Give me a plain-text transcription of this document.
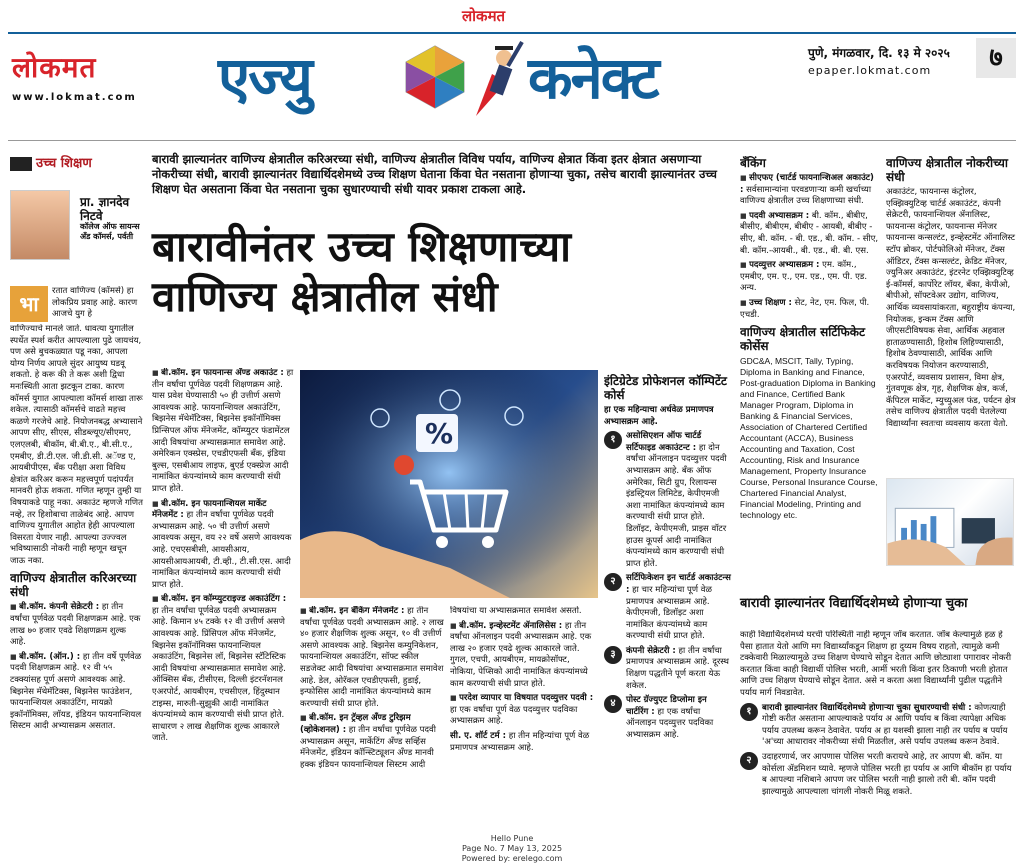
लोकमत
लोकमत
www.lokmat.com एज्यु	कनेक्ट	पुणे, मंगळवार, दि. १३ मे २०२५
epaper.lokmat.com	७
उच्च शिक्षण
प्रा. ज्ञानदेव
निटवे
कॉलेज ऑफ सायन्स अँड कॉमर्स, पर्वती
भा

रतात वाणिज्य (कॉमर्स) हा लोकप्रिय प्रवाह आहे. कारण आजचे युग हे

वाणिज्याचे मानले जाते. धावत्या युगातील स्पर्धेत स्पर्श करीत आपल्याला पुढे जायचंय, पण असे बुचकळ्यात पडू नका, आपला योग्य निर्णय आपले सुंदर आयुष्य घडवू शकतो. हे करू की ते करू अशी द्विधा मनःस्थिती आता झटकून टाका. कारण कॉमर्स युगात आपल्याला कॉमर्स शाखा तारू शकेल. त्यासाठी कॉमर्सचे वाढते महत्त्व कळणे गरजेचे आहे. नियोजनबद्ध अभ्यासाने आपण सीए, सीएस, सीडब्ल्यूए/सीएमए, एलएलबी, बीकॉम, बी.बी.ए., बी.सी.ए., एमबीए, डी.टी.एल. जी.डी.सी. अॅण्ड ए, आयबीपीएस, बँक परीक्षा अशा विविध क्षेत्रांत करिअर करून महत्त्वपूर्ण पदांपर्यंत मानवरी होऊ शकता. गणित म्हणून तुम्ही या विषयाकडे पाहू नका. अकाउंट म्हणजे गणित नव्हे, तर हिशोबाचा ताळेबंद आहे. आपण वाणिज्य युगातील आहोत हेही आपल्याला विसरता येणार नाही. आपल्या उज्ज्वल भविष्यासाठी नोकरी नाही म्हणून खचून जाऊ नका.

वाणिज्य क्षेत्रातील करिअरच्या संधी

■ बी.कॉम. कंपनी सेक्रेटरी : हा तीन वर्षांचा पूर्णवेळ पदवी शिक्षणक्रम आहे. एक लाख ७० हजार एवढे शिक्षणक्रम शुल्क आहे.

■ बी.कॉम. (ऑन.) : हा तीन वर्षे पूर्णवेळ पदवी शिक्षणक्रम आहे. १२ वी ५५ टक्क्यांसह पूर्ण असणे आवश्यक आहे. बिझनेस मॅथेमॅटिक्स, बिझनेस फाउंडेशन, फायनान्शियल अकाउंटिंग, मायक्रो इकॉनॉमिक्स, लॉयड, इंडियन फायनान्शियल सिस्टम आदी अभ्यासक्रम असतात.

बारावी झाल्यानंतर वाणिज्य क्षेत्रातील करिअरच्या संधी, वाणिज्य क्षेत्रातील विविध पर्याय, वाणिज्य क्षेत्रात किंवा इतर क्षेत्रात असणाऱ्या नोकरीच्या संधी, बारावी झाल्यानंतर विद्यार्थिदशेमध्ये उच्च शिक्षण घेताना किंवा घेत नसताना होणाऱ्या चुका, तसेच बारावी झाल्यानंतर उच्च शिक्षण घेत असताना किंवा घेत नसताना चुका सुधारण्याची संधी यावर प्रकाश टाकला आहे.
बारावीनंतर उच्च शिक्षणाच्या
वाणिज्य क्षेत्रातील संधी

■ बी.कॉम. इन फायनान्स अँण्ड अकाउंट : हा तीन वर्षांचा पूर्णवेळ पदवी शिक्षणक्रम आहे. यास प्रवेश घेण्यासाठी ५० ही उत्तीर्ण असणे आवश्यक आहे. फायनान्शियल अकाउंटिंग, बिझनेस मॅथेमॅटिक्स, बिझनेस इकॉनॉमिक्स प्रिन्सिपल ऑफ मॅनेजमेंट, कॉम्प्युटर फंडामेंटल आदी विषयांचा अभ्यासक्रमात समावेश आहे. अमेरिकन एक्स्प्रेस, एचडीएफसी बँक, इंडिया बुल्स, एसबीआय लाइफ, बुएर्ड एक्स्प्रेज आदी नामांकित कंपन्यांमध्ये काम करण्याची संधी प्राप्त होते.

■ बी.कॉम. इन फायनान्शियल मार्केट मॅनेजमेंट : हा तीन वर्षांचा पूर्णवेळ पदवी अभ्यासक्रम आहे. ५० ची उत्तीर्ण असणे आवश्यक असून, वय २२ वर्षे असणे आवश्यक आहे. एचएसबीसी, आयसीआय, आयसीआयआयबी, टी.व्ही., टी.सी.एस. आदी नामांकित कंपन्यांमध्ये काम करण्याची संधी प्राप्त होते.

■ बी.कॉम. इन कॉम्प्युटराइज्ड अकाउंटिंग : हा तीन वर्षांचा पूर्णवेळ पदवी अभ्यासक्रम आहे. किमान ४५ टक्के १२ वी उत्तीर्ण असणे आवश्यक आहे. प्रिंसिपल ऑफ मॅनेजमेंट, बिझनेस इकॉनॉमिक्स फायनान्शियल अकाउंटिंग, बिझनेस लॉ, बिझनेस स्टॅटिस्टिक आदी विषयांचा अभ्यासक्रमात समावेश आहे. ऑक्सिस बँक, टीसीएस, दिल्ली इंटरनॅशनल एअरपोर्ट, आयबीएम, एचसीएल, हिंदुस्थान टाइम्स, मारुती-सुझुकी आदी नामांकित कंपन्यांमध्ये काम करण्याची संधी प्राप्त होते. साधारण २ लाख शैक्षणिक शुल्क आकारले जाते.

%

■ बी.कॉम. इन बँकिंग मॅनेजमेंट : हा तीन वर्षांचा पूर्णवेळ पदवी अभ्यासक्रम आहे. २ लाख ४० हजार शैक्षणिक शुल्क असून, १० वी उत्तीर्ण असणे आवश्यक आहे. बिझनेस कम्युनिकेशन, फायनान्शियल अकाउंटिंग, सॉफ्ट स्कील सडजेक्ट आदी विषयांचा अभ्यासक्रमात समावेश आहे. डेल, ओरॅकल एचडीएफसी, हुडाई, इन्फोसिस आदी नामांकित कंपन्यांमध्ये काम करण्याची संधी प्राप्त होते.

■ बी.कॉम. इन ट्रॅव्हल अँण्ड टुरिझम (व्होकेशनल) : हा तीन वर्षांचा पूर्णवेळ पदवी अभ्यासक्रम असून, मार्केटिंग अँण्ड सर्व्हिस मॅनेजमेंट, इंडियन कॉन्स्टिट्यूशन अँण्ड मानवी हक्क इंडियन फायनान्शियल सिस्टम आदी

विषयांचा या अभ्यासक्रमात समावेश असतो.

■ बी.कॉम. इन्व्हेस्टमेंट ॲनालिसेस : हा तीन वर्षांचा ऑनलाइन पदवी अभ्यासक्रम आहे. एक लाख २० हजार एवढे शुल्क आकारले जाते. गुगल, एचपी, आयबीएम, मायक्रोसॉफ्ट, नोकिया, पेप्सिको आदी नामांकित कंपन्यांमध्ये काम करण्याची संधी प्राप्त होते.

■ परदेश व्यापार या विषयात पदव्युत्तर पदवी : हा एक वर्षांचा पूर्ण वेळ पदव्युत्तर पदविका अभ्यासक्रम आहे.

सी. ए. शॉर्ट टर्म : हा तीन महिन्यांचा पूर्ण वेळ प्रमाणपत्र अभ्यासक्रम आहे.

इंटिग्रेटेड प्रोफेशनल कॉम्पिटेंट कोर्स

हा एक महिन्याचा अर्धवेळ प्रमाणपत्र अभ्यासक्रम आहे.

१	असोसिएशन ऑफ चार्टर्ड सर्टिफाइड अकाउंटन्ट : हा दोन वर्षांचा ऑनलाइन पदव्युत्तर पदवी अभ्यासक्रम आहे. बँक ऑफ अमेरिका, सिटी ग्रुप, रिलायन्स इंडस्ट्रियल लिमिटेड, केपीएमजी अशा नामांकित कंपन्यांमध्ये काम करण्याची संधी प्राप्त होते. डिलॉइट, केपीएमजी, प्राइस वॉटर हाउस कूपर्स आदी नामांकित कंपन्यांमध्ये काम करण्याची संधी प्राप्त होते.
२	सर्टिफिकेशन इन चार्टर्ड अकाउंटन्स : हा चार महिन्यांचा पूर्ण वेळ प्रमाणपत्र अभ्यासक्रम आहे. केपीएमजी, डिलॉइट अशा नामांकित कंपन्यांमध्ये काम करण्याची संधी प्राप्त होते.
३	कंपनी सेक्रेटरी : हा तीन वर्षांचा प्रमाणपत्र अभ्यासक्रम आहे. दूरस्थ शिक्षण पद्धतीने पूर्ण करता येऊ शकेल.
४	पोस्ट ग्रॅज्युएट डिप्लोमा इन चार्टरिंग : हा एक वर्षांचा ऑनलाइन पदव्युत्तर पदविका अभ्यासक्रम आहे.
बँकिंग

■ सीएफए (चार्टर्ड फायनान्शिअल अकाउंट) : सर्वसामान्यांना परवडणाऱ्या कमी खर्चाच्या वाणिज्य क्षेत्रातील उच्च शिक्षणाच्या संधी.

■ पदवी अभ्यासक्रम : बी. कॉम., बीबीए, बीसीए, बीबीएम, बीबीए - आयबी, बीबीए - सीए, बी. कॉम. - बी. एड., बी. कॉम. - सीए, बी. कॉम.-आयबी., बी. एड., बी. बी. एस.

■ पदव्युत्तर अभ्यासक्रम : एम. कॉम., एमबीए, एम. ए., एम. एड., एम. पी. एड. अन्य.

■ उच्च शिक्षण : सेट, नेट, एम. फिल, पी. एचडी.

वाणिज्य क्षेत्रातील सर्टिफिकेट कोर्सेस

GDC&A, MSCIT, Tally, Typing, Diploma in Banking and Finance, Post-graduation Diploma in Banking and Finance, Certified Bank Manager Program, Diploma in Banking & Financial Services, Association of Chartered Certified Accountant (ACCA), Business Accounting and Taxation, Cost Accounting, Risk and Insurance Management, Property Insurance Course, Personal Insurance Course, Chartered Financial Analyst, Financial Modeling, Printing and technology etc.

वाणिज्य क्षेत्रातील नोकरीच्या संधी

अकाउंटंट, फायनान्स कंट्रोलर, एक्झिक्युटिव्ह चार्टर्ड अकाउंटंट, कंपनी सेक्रेटरी, फायनान्शियल ॲनालिस्ट, फायनान्स कंट्रोलर, फायनान्स मॅनेजर फायनान्स कन्सल्टंट, इन्व्हेस्टमेंट ऑनालिस्ट स्टॉप ब्रोकर, पोर्टफोलिओ मॅनेजर, टॅक्स ऑडिटर, टॅक्स कन्सल्टंट, क्रेडिट मॅनेजर, ज्युनिअर अकाउंटंट, इंटरनेट एक्झिक्युटिव्ह ई-कॉमर्स, कार्पोरेट लॉयर, बँका, केपीओ, बीपीओ, सॉफ्टवेअर उद्योग, वाणिज्य, आर्थिक व्यवसायांकरता, बहुराष्ट्रीय कंपन्या, नियोजक, इन्कम टॅक्स आणि जीएसटीविषयक सेवा, आर्थिक अहवाल हाताळण्यासाठी, हिशोब लिहिण्यासाठी, हिशोब ठेवण्यासाठी, आर्थिक आणि करविषयक नियोजन करण्यासाठी, एअरपोर्ट, व्यवसाय प्रशासन, विमा क्षेत्र, गुंतवणूक क्षेत्र, गृह, शैक्षणिक क्षेत्र, कर्ज, कॅपिटल मार्केट, म्युच्युअल फंड, पर्यटन क्षेत्र तसेच वाणिज्य क्षेत्रातील पदवी घेतलेल्या विद्यार्थ्यांना स्वतःचा व्यवसाय करता येतो.

बारावी झाल्यानंतर विद्यार्थिदशेमध्ये होणाऱ्या चुका

काही विद्यार्थिदशेमध्ये घरची परिस्थिती नाही म्हणून जॉब करतात. जॉब केल्यामुळे हळ हे पैसा हातात येतो आणि मग विद्यार्थ्यांकडून शिक्षण हा दुय्यम विषय राहतो, त्यामुळे कमी टक्केवारी मिळाल्यामुळे उच्च शिक्षण घेण्याचे सोडून देतात आणि छोट्याशा पगारावर नोकरी करतात किंवा काही विद्यार्थी पोलिस भरती, आर्मी भरती किंवा इतर ठिकाणी भरती होतात आणि उच्च शिक्षण घेण्याचे सोडून देतात. असे न करता अशा विद्यार्थ्यांनी पुढील पद्धतीने पर्याय मार्ग निवडावेत.

१	बारावी झाल्यानंतर विद्यार्थिदशेमध्ये होणाऱ्या चुका सुधारण्याची संधी : कोणत्याही गोष्टी करीत असताना आपल्याकडे पर्याय अ आणि पर्याय ब किंवा त्यापेक्षा अधिक पर्याय उपलब्ध करून ठेवावेत. पर्याय अ हा यशस्वी झाला नाही तर पर्याय ब पर्याय 'अ'च्या आधारावर नोकरीच्या संधी मिळतील, असे पर्याय उपलब्ध करून ठेवावे.
२	उदाहरणार्थ, जर आपणास पोलिस भरती करायचे आहे, तर आपण बी. कॉम. या कोर्सला ॲडमिशन घ्यावे. म्हणजे पोलिस भरती हा पर्याय अ आणि बीकॉम हा पर्याय ब आपल्या नशिबाने आपण जर पोलिस भरती नाही झालो तरी बी. कॉम पदवी झाल्यामुळे आपल्याला चांगली नोकरी मिळू शकते.
Hello Pune
Page No. 7 May 13, 2025
Powered by: erelego.com
